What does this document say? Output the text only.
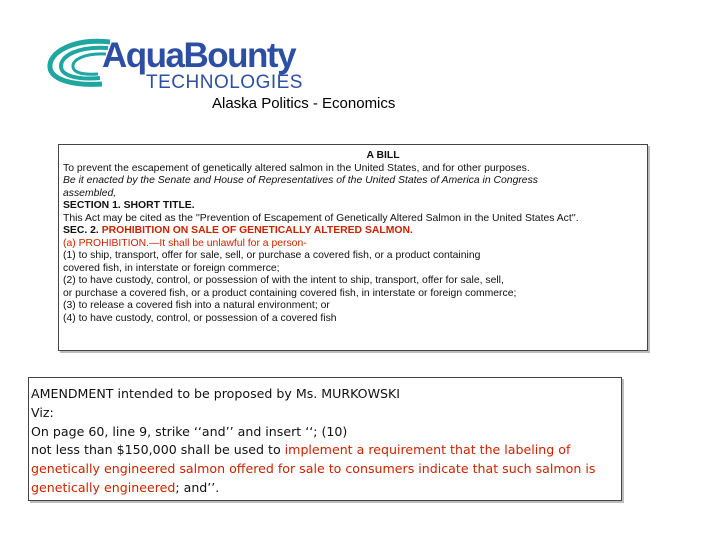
AquaBounty
TECHNOLOGIES
Alaska Politics - Economics
A BILL
To prevent the escapement of genetically altered salmon in the United States, and for other purposes.
Be it enacted by the Senate and House of Representatives of the United States of America in Congress
assembled,
SECTION 1. SHORT TITLE.
This Act may be cited as the ''Prevention of Escapement of Genetically Altered Salmon in the United States Act''.
SEC. 2. PROHIBITION ON SALE OF GENETICALLY ALTERED SALMON.
(a) PROHIBITION.—It shall be unlawful for a person-
(1) to ship, transport, offer for sale, sell, or purchase a covered fish, or a product containing
covered fish, in interstate or foreign commerce;
(2) to have custody, control, or possession of with the intent to ship, transport, offer for sale, sell,
or purchase a covered fish, or a product containing covered fish, in interstate or foreign commerce;
(3) to release a covered fish into a natural environment; or
(4) to have custody, control, or possession of a covered fish
AMENDMENT intended to be proposed by Ms. MURKOWSKI
Viz:
On page 60, line 9, strike ‘‘and’’ and insert ‘‘; (10)
not less than $150,000 shall be used to implement a requirement that the labeling of
genetically engineered salmon offered for sale to consumers indicate that such salmon is
genetically engineered; and’’.
